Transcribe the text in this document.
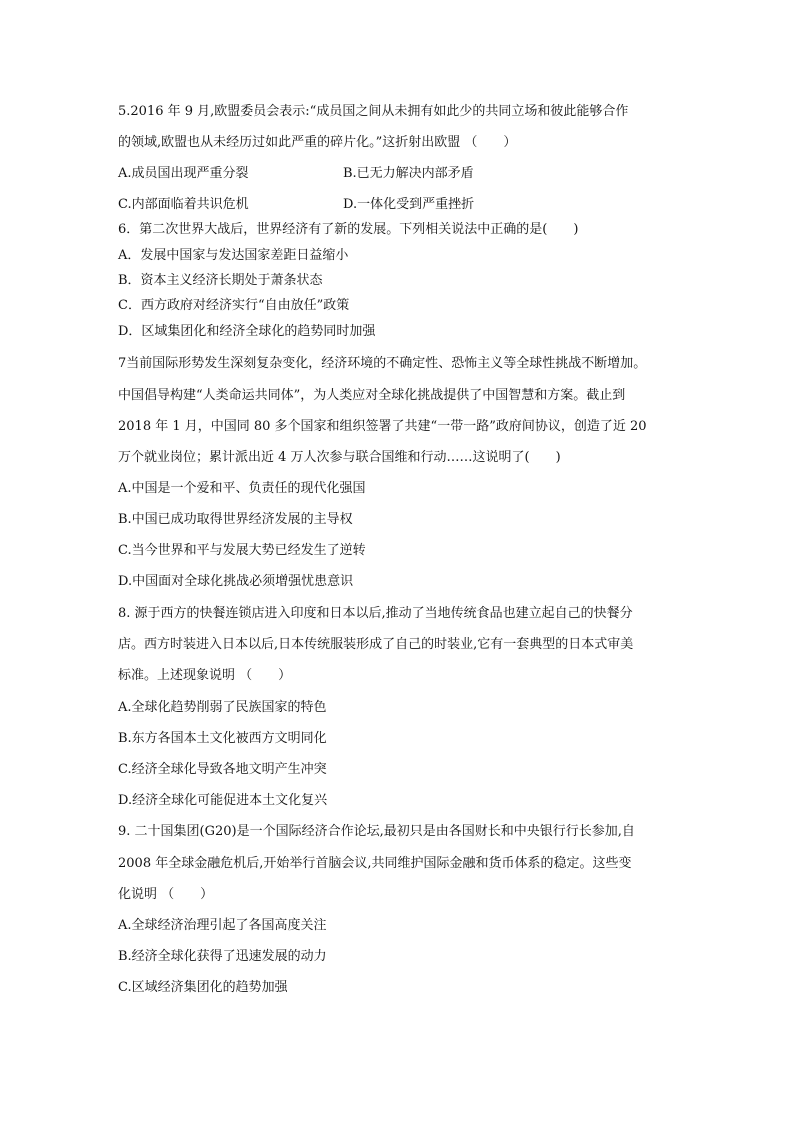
5.2016 年 9 月,欧盟委员会表示:“成员国之间从未拥有如此少的共同立场和彼此能够合作
的领域,欧盟也从未经历过如此严重的碎片化。”这折射出欧盟 （　　）
A.成员国出现严重分裂	B.已无力解决内部矛盾
C.内部面临着共识危机	D.一体化受到严重挫折
6．第二次世界大战后，世界经济有了新的发展。下列相关说法中正确的是(　　)
A．发展中国家与发达国家差距日益缩小
B．资本主义经济长期处于萧条状态
C．西方政府对经济实行“自由放任”政策
D．区域集团化和经济全球化的趋势同时加强
7当前国际形势发生深刻复杂变化，经济环境的不确定性、恐怖主义等全球性挑战不断增加。
中国倡导构建“人类命运共同体”，为人类应对全球化挑战提供了中国智慧和方案。截止到
2018 年 1 月，中国同 80 多个国家和组织签署了共建“一带一路”政府间协议，创造了近 20
万个就业岗位；累计派出近 4 万人次参与联合国维和行动……这说明了(　　)
A.中国是一个爱和平、负责任的现代化强国
B.中国已成功取得世界经济发展的主导权
C.当今世界和平与发展大势已经发生了逆转
D.中国面对全球化挑战必须增强忧患意识
8. 源于西方的快餐连锁店进入印度和日本以后,推动了当地传统食品也建立起自己的快餐分
店。西方时装进入日本以后,日本传统服装形成了自己的时装业,它有一套典型的日本式审美
标准。上述现象说明 （　　）
A.全球化趋势削弱了民族国家的特色
B.东方各国本土文化被西方文明同化
C.经济全球化导致各地文明产生冲突
D.经济全球化可能促进本土文化复兴
9. 二十国集团(G20)是一个国际经济合作论坛,最初只是由各国财长和中央银行行长参加,自
2008 年全球金融危机后,开始举行首脑会议,共同维护国际金融和货币体系的稳定。这些变
化说明 （　　）
A.全球经济治理引起了各国高度关注
B.经济全球化获得了迅速发展的动力
C.区域经济集团化的趋势加强
